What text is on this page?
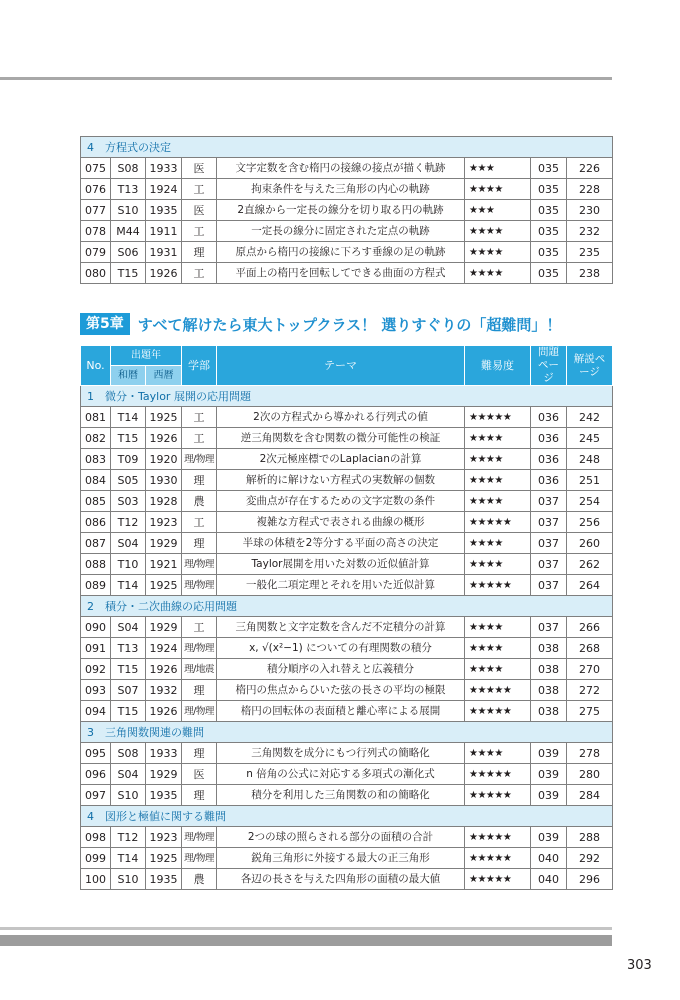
4　方程式の決定							
075	S08	1933	医	文字定数を含む楕円の接線の接点が描く軌跡	★★★	035	226
076	T13	1924	工	拘束条件を与えた三角形の内心の軌跡	★★★★	035	228
077	S10	1935	医	2直線から一定長の線分を切り取る円の軌跡	★★★	035	230
078	M44	1911	工	一定長の線分に固定された定点の軌跡	★★★★	035	232
079	S06	1931	理	原点から楕円の接線に下ろす垂線の足の軌跡	★★★★	035	235
080	T15	1926	工	平面上の楕円を回転してできる曲面の方程式	★★★★	035	238
第5章 すべて解けたら東大トップクラス！ 選りすぐりの「超難問」！
No.	出題年		学部	テーマ	難易度	問題ページ	解説ページ
	和暦	西暦					
1　微分・Taylor 展開の応用問題							
081	T14	1925	工	2次の方程式から導かれる行列式の値	★★★★★	036	242
082	T15	1926	工	逆三角関数を含む関数の微分可能性の検証	★★★★	036	245
083	T09	1920	理/物理	2次元極座標でのLaplacianの計算	★★★★	036	248
084	S05	1930	理	解析的に解けない方程式の実数解の個数	★★★★	036	251
085	S03	1928	農	変曲点が存在するための文字定数の条件	★★★★	037	254
086	T12	1923	工	複雑な方程式で表される曲線の概形	★★★★★	037	256
087	S04	1929	理	半球の体積を2等分する平面の高さの決定	★★★★	037	260
088	T10	1921	理/物理	Taylor展開を用いた対数の近似値計算	★★★★	037	262
089	T14	1925	理/物理	一般化二項定理とそれを用いた近似計算	★★★★★	037	264
2　積分・二次曲線の応用問題							
090	S04	1929	工	三角関数と文字定数を含んだ不定積分の計算	★★★★	037	266
091	T13	1924	理/物理	x, √(x²−1) についての有理関数の積分	★★★★	038	268
092	T15	1926	理/地震	積分順序の入れ替えと広義積分	★★★★	038	270
093	S07	1932	理	楕円の焦点からひいた弦の長さの平均の極限	★★★★★	038	272
094	T15	1926	理/物理	楕円の回転体の表面積と離心率による展開	★★★★★	038	275
3　三角関数関連の難問							
095	S08	1933	理	三角関数を成分にもつ行列式の簡略化	★★★★	039	278
096	S04	1929	医	n 倍角の公式に対応する多項式の漸化式	★★★★★	039	280
097	S10	1935	理	積分を利用した三角関数の和の簡略化	★★★★★	039	284
4　図形と極値に関する難問							
098	T12	1923	理/物理	2つの球の照らされる部分の面積の合計	★★★★★	039	288
099	T14	1925	理/物理	鋭角三角形に外接する最大の正三角形	★★★★★	040	292
100	S10	1935	農	各辺の長さを与えた四角形の面積の最大値	★★★★★	040	296
303
